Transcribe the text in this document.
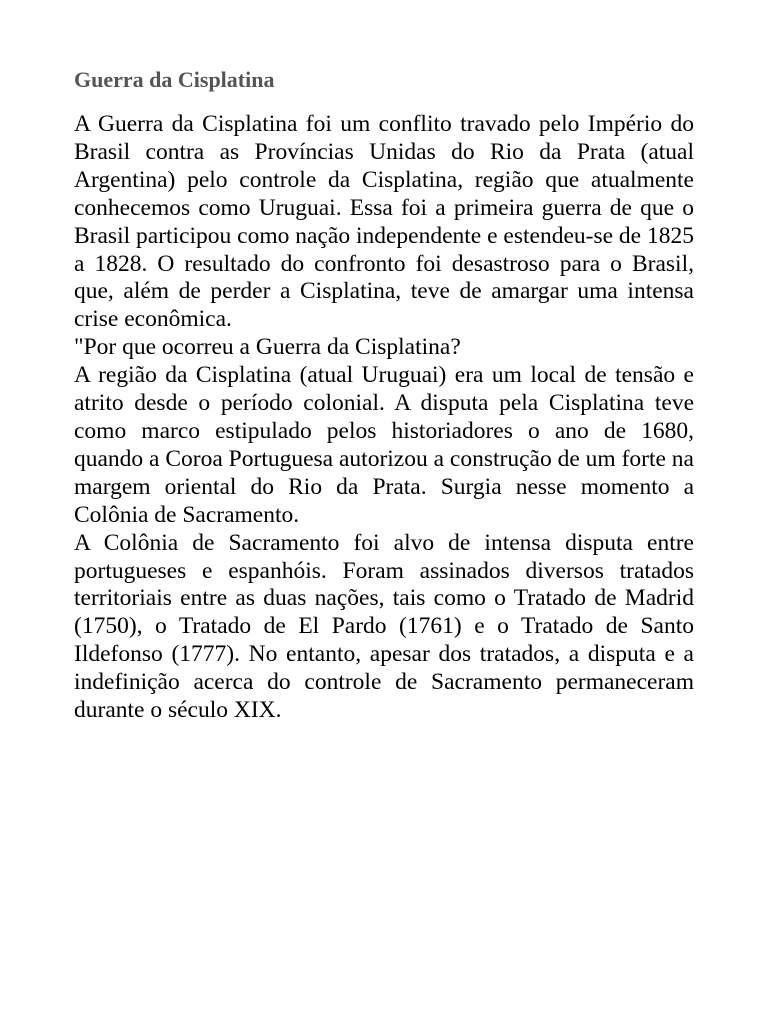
Guerra da Cisplatina

A Guerra da Cisplatina foi um conflito travado pelo Império do Brasil contra as Províncias Unidas do Rio da Prata (atual Argentina) pelo controle da Cisplatina, região que atualmente conhecemos como Uruguai. Essa foi a primeira guerra de que o Brasil participou como nação independente e estendeu-se de 1825 a 1828. O resultado do confronto foi desastroso para o Brasil, que, além de perder a Cisplatina, teve de amargar uma intensa crise econômica.

"Por que ocorreu a Guerra da Cisplatina?

A região da Cisplatina (atual Uruguai) era um local de tensão e atrito desde o período colonial. A disputa pela Cisplatina teve como marco estipulado pelos historiadores o ano de 1680, quando a Coroa Portuguesa autorizou a construção de um forte na margem oriental do Rio da Prata. Surgia nesse momento a Colônia de Sacramento.

A Colônia de Sacramento foi alvo de intensa disputa entre portugueses e espanhóis. Foram assinados diversos tratados territoriais entre as duas nações, tais como o Tratado de Madrid (1750), o Tratado de El Pardo (1761) e o Tratado de Santo Ildefonso (1777). No entanto, apesar dos tratados, a disputa e a indefinição acerca do controle de Sacramento permaneceram durante o século XIX.
